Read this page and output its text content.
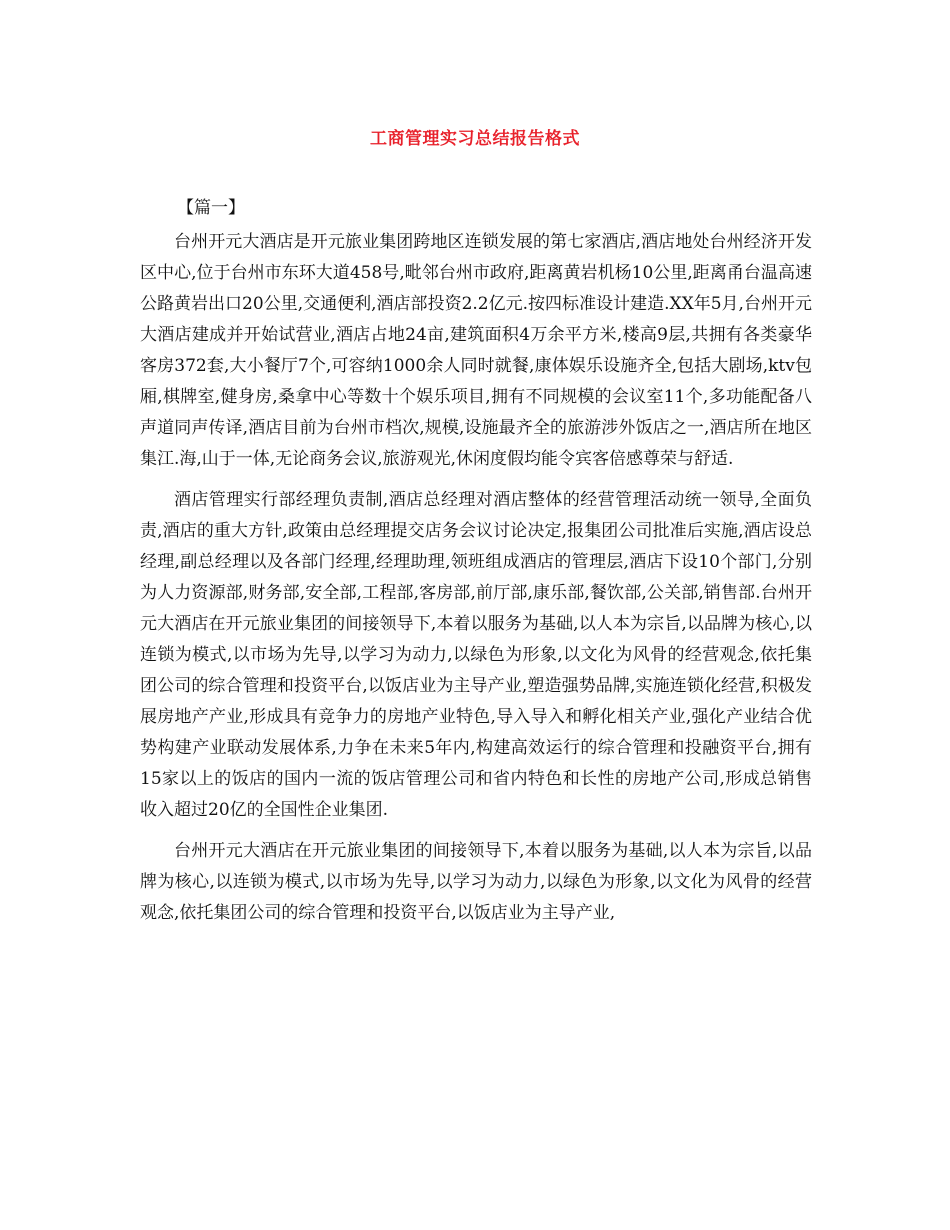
工商管理实习总结报告格式
【篇一】

台州开元大酒店是开元旅业集团跨地区连锁发展的第七家酒店,酒店地处台州经济开发区中心,位于台州市东环大道458号,毗邻台州市政府,距离黄岩机杨10公里,距离甬台温高速公路黄岩出口20公里,交通便利,酒店部投资2.2亿元.按四标准设计建造.XX年5月,台州开元大酒店建成并开始试营业,酒店占地24亩,建筑面积4万余平方米,楼高9层,共拥有各类豪华客房372套,大小餐厅7个,可容纳1000余人同时就餐,康体娱乐设施齐全,包括大剧场,ktv包厢,棋牌室,健身房,桑拿中心等数十个娱乐项目,拥有不同规模的会议室11个,多功能配备八声道同声传译,酒店目前为台州市档次,规模,设施最齐全的旅游涉外饭店之一,酒店所在地区集江.海,山于一体,无论商务会议,旅游观光,休闲度假均能令宾客倍感尊荣与舒适.

酒店管理实行部经理负责制,酒店总经理对酒店整体的经营管理活动统一领导,全面负责,酒店的重大方针,政策由总经理提交店务会议讨论决定,报集团公司批准后实施,酒店设总经理,副总经理以及各部门经理,经理助理,领班组成酒店的管理层,酒店下设10个部门,分别为人力资源部,财务部,安全部,工程部,客房部,前厅部,康乐部,餐饮部,公关部,销售部.台州开元大酒店在开元旅业集团的间接领导下,本着以服务为基础,以人本为宗旨,以品牌为核心,以连锁为模式,以市场为先导,以学习为动力,以绿色为形象,以文化为风骨的经营观念,依托集团公司的综合管理和投资平台,以饭店业为主导产业,塑造强势品牌,实施连锁化经营,积极发展房地产产业,形成具有竞争力的房地产业特色,导入导入和孵化相关产业,强化产业结合优势构建产业联动发展体系,力争在未来5年内,构建高效运行的综合管理和投融资平台,拥有15家以上的饭店的国内一流的饭店管理公司和省内特色和长性的房地产公司,形成总销售收入超过20亿的全国性企业集团.

台州开元大酒店在开元旅业集团的间接领导下,本着以服务为基础,以人本为宗旨,以品牌为核心,以连锁为模式,以市场为先导,以学习为动力,以绿色为形象,以文化为风骨的经营观念,依托集团公司的综合管理和投资平台,以饭店业为主导产业,
